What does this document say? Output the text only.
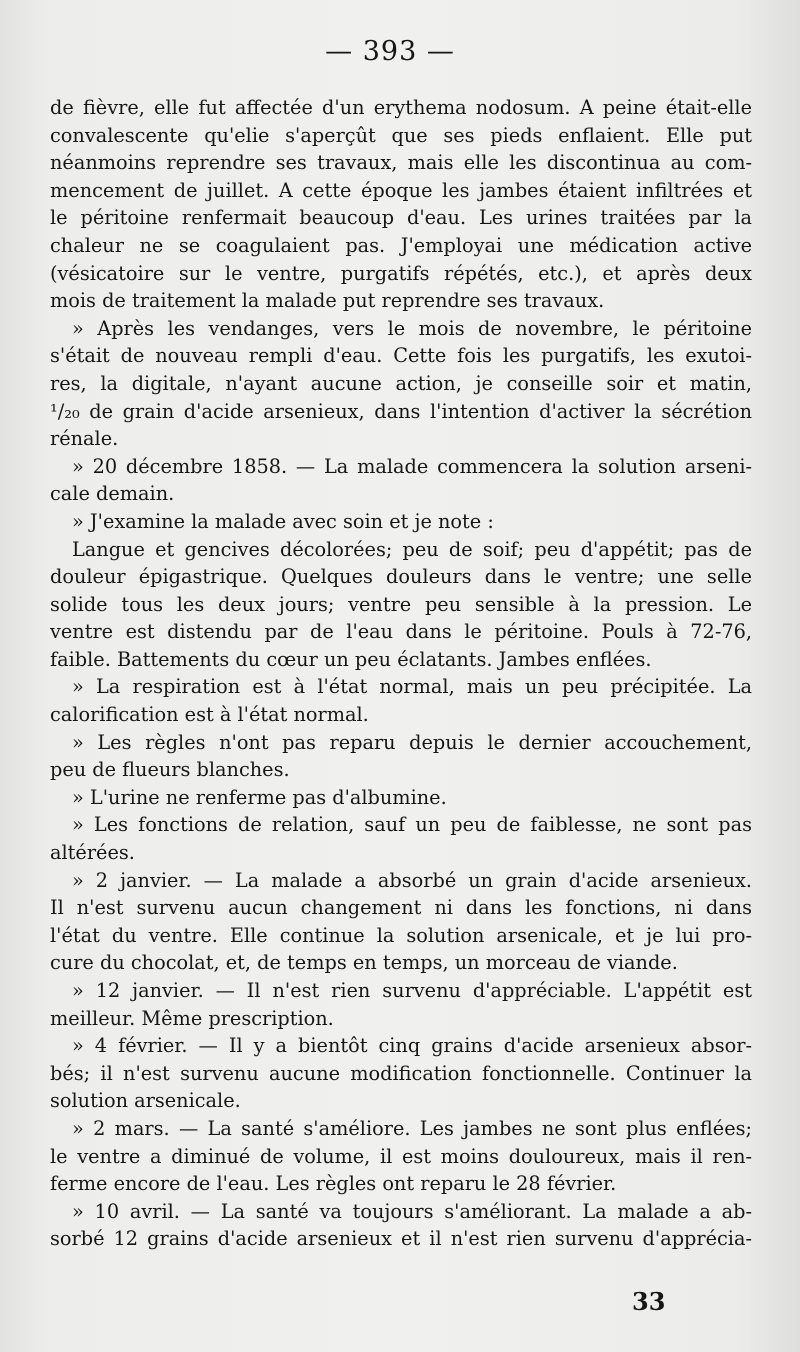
— 393 —
de fièvre, elle fut affectée d'un erythema nodosum. A peine était-elle
convalescente qu'elie s'aperçût que ses pieds enflaient. Elle put
néanmoins reprendre ses travaux, mais elle les discontinua au com-
mencement de juillet. A cette époque les jambes étaient infiltrées et
le péritoine renfermait beaucoup d'eau. Les urines traitées par la
chaleur ne se coagulaient pas. J'employai une médication active
(vésicatoire sur le ventre, purgatifs répétés, etc.), et après deux
mois de traitement la malade put reprendre ses travaux.
» Après les vendanges, vers le mois de novembre, le péritoine
s'était de nouveau rempli d'eau. Cette fois les purgatifs, les exutoi-
res, la digitale, n'ayant aucune action, je conseille soir et matin,
¹/₂₀ de grain d'acide arsenieux, dans l'intention d'activer la sécrétion
rénale.
» 20 décembre 1858. — La malade commencera la solution arseni-
cale demain.
» J'examine la malade avec soin et je note :
Langue et gencives décolorées; peu de soif; peu d'appétit; pas de
douleur épigastrique. Quelques douleurs dans le ventre; une selle
solide tous les deux jours; ventre peu sensible à la pression. Le
ventre est distendu par de l'eau dans le péritoine. Pouls à 72-76,
faible. Battements du cœur un peu éclatants. Jambes enflées.
» La respiration est à l'état normal, mais un peu précipitée. La
calorification est à l'état normal.
» Les règles n'ont pas reparu depuis le dernier accouchement,
peu de flueurs blanches.
» L'urine ne renferme pas d'albumine.
» Les fonctions de relation, sauf un peu de faiblesse, ne sont pas
altérées.
» 2 janvier. — La malade a absorbé un grain d'acide arsenieux.
Il n'est survenu aucun changement ni dans les fonctions, ni dans
l'état du ventre. Elle continue la solution arsenicale, et je lui pro-
cure du chocolat, et, de temps en temps, un morceau de viande.
» 12 janvier. — Il n'est rien survenu d'appréciable. L'appétit est
meilleur. Même prescription.
» 4 février. — Il y a bientôt cinq grains d'acide arsenieux absor-
bés; il n'est survenu aucune modification fonctionnelle. Continuer la
solution arsenicale.
» 2 mars. — La santé s'améliore. Les jambes ne sont plus enflées;
le ventre a diminué de volume, il est moins douloureux, mais il ren-
ferme encore de l'eau. Les règles ont reparu le 28 février.
» 10 avril. — La santé va toujours s'améliorant. La malade a ab-
sorbé 12 grains d'acide arsenieux et il n'est rien survenu d'apprécia-
33
